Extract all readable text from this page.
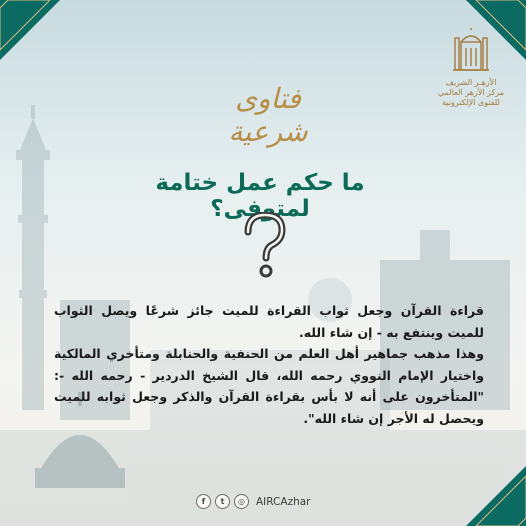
الأزهـر الشريف
مركز الأزهر العالمي للفتوى الإلكترونية
فتاوى شرعية
ما حكم عمل ختامة لمتوفى؟

قراءة القرآن وجعل ثواب القراءة للميت جائز شرعًا ويصل الثواب للميت وينتفع به - إن شاء الله.

وهذا مذهب جماهير أهل العلم من الحنفية والحنابلة ومتأخري المالكية واختيار الإمام النووي رحمه الله، قال الشيخ الدردير - رحمه الله -: "المتأخرون على أنه لا بأس بقراءة القرآن والذكر وجعل ثوابه للميت ويحصل له الأجر إن شاء الله".

f	t	◎	AIRCAzhar
